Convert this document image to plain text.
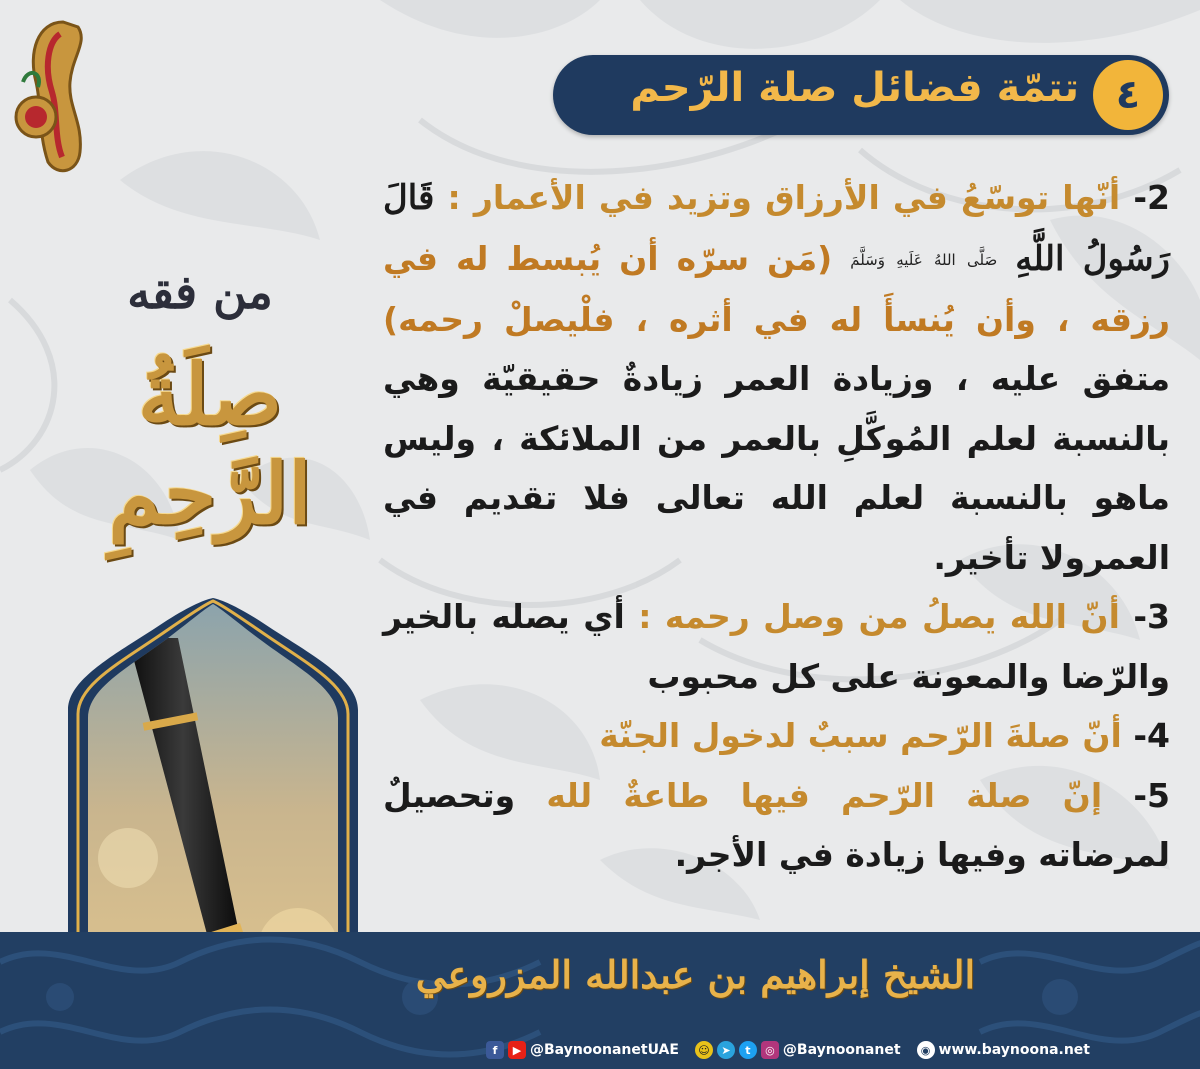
تتمّة فضائل صلة الرّحم ٤
من فقه
صِلَةُ الرَّحِمِ

2- أنّها توسّعُ في الأرزاق وتزيد في الأعمار : قَالَ رَسُولُ اللَّهِ صَلَّى اللهُ عَلَيهِ وَسَلَّمَ (مَن سرّه أن يُبسط له في رزقه ، وأن يُنسأَ له في أثره ، فلْيصلْ رحمه) متفق عليه ، وزيادة العمر زيادةٌ حقيقيّة وهي بالنسبة لعلم المُوكَّلِ بالعمر من الملائكة ، وليس ماهو بالنسبة لعلم الله تعالى فلا تقديم في العمرولا تأخير.

3- أنّ الله يصلُ من وصل رحمه : أي يصله بالخير والرّضا والمعونة على كل محبوب

4- أنّ صلةَ الرّحم سببٌ لدخول الجنّة

5- إنّ صلة الرّحم فيها طاعةٌ لله وتحصيلٌ لمرضاته وفيها زيادة في الأجر.

الشيخ إبراهيم بن عبدالله المزروعي
f	▶ @BaynoonanetUAE ☺	➤	t	◎ @Baynoonanet	◉ www.baynoona.net
